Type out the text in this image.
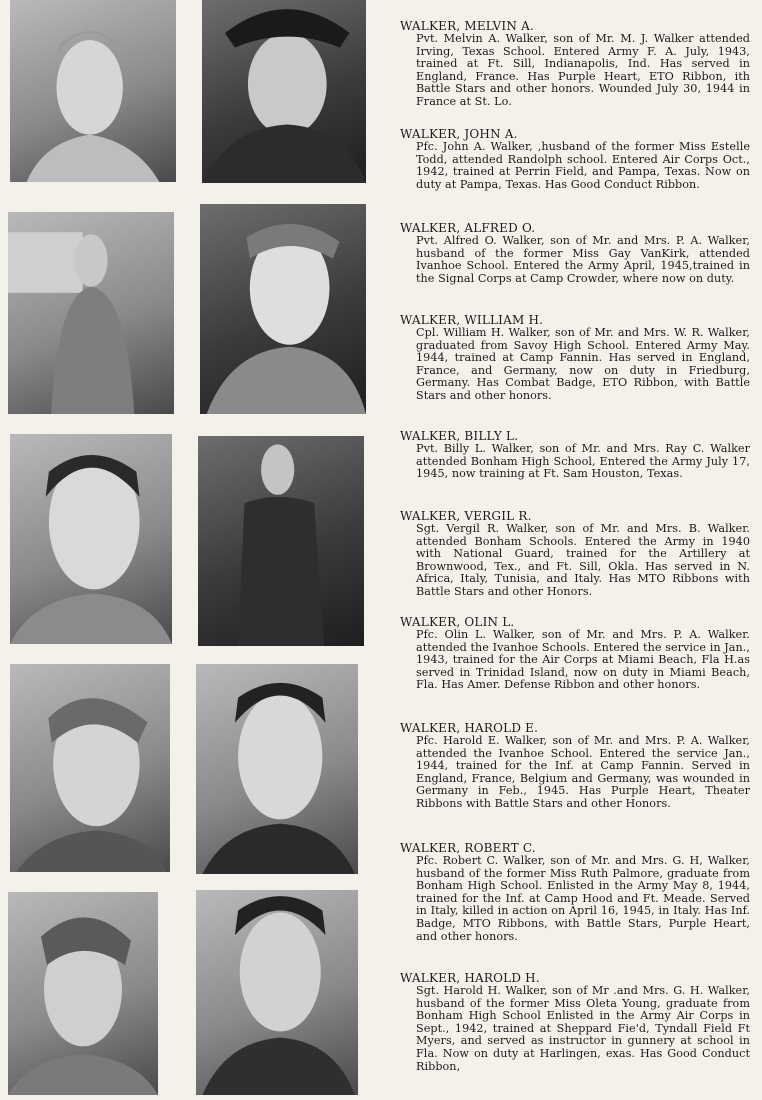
WALKER, MELVIN A.
Pvt. Melvin A. Walker, son of Mr. M. J. Walker attended Irving, Texas School. Entered Army F. A. July, 1943, trained at Ft. Sill, Indianapolis, Ind. Has served in England, France. Has Purple Heart, ETO Ribbon, ith Battle Stars and other honors. Wounded July 30, 1944 in France at St. Lo.
WALKER, JOHN A.
Pfc. John A. Walker, ,husband of the former Miss Estelle Todd, attended Randolph school. Entered Air Corps Oct., 1942, trained at Perrin Field, and Pampa, Texas. Now on duty at Pampa, Texas. Has Good Conduct Ribbon.
WALKER, ALFRED O.
Pvt. Alfred O. Walker, son of Mr. and Mrs. P. A. Walker, husband of the former Miss Gay VanKirk, attended Ivanhoe School. Entered the Army April, 1945,trained in the Signal Corps at Camp Crowder, where now on duty.
WALKER, WILLIAM H.
Cpl. William H. Walker, son of Mr. and Mrs. W. R. Walker, graduated from Savoy High School. Entered Army May. 1944, trained at Camp Fannin. Has served in England, France, and Germany, now on duty in Friedburg, Germany. Has Combat Badge, ETO Ribbon, with Battle Stars and other honors.
WALKER, BILLY L.
Pvt. Billy L. Walker, son of Mr. and Mrs. Ray C. Walker attended Bonham High School, Entered the Army July 17, 1945, now training at Ft. Sam Houston, Texas.
WALKER, VERGIL R.
Sgt. Vergil R. Walker, son of Mr. and Mrs. B. Walker. attended Bonham Schools. Entered the Army in 1940 with National Guard, trained for the Artillery at Brownwood, Tex., and Ft. Sill, Okla. Has served in N. Africa, Italy, Tunisia, and Italy. Has MTO Ribbons with Battle Stars and other Honors.
WALKER, OLIN L.
Pfc. Olin L. Walker, son of Mr. and Mrs. P. A. Walker. attended the Ivanhoe Schools. Entered the service in Jan., 1943, trained for the Air Corps at Miami Beach, Fla H.as served in Trinidad Island, now on duty in Miami Beach, Fla. Has Amer. Defense Ribbon and other honors.
WALKER, HAROLD E.
Pfc. Harold E. Walker, son of Mr. and Mrs. P. A. Walker, attended the Ivanhoe School. Entered the service Jan., 1944, trained for the Inf. at Camp Fannin. Served in England, France, Belgium and Germany, was wounded in Germany in Feb., 1945. Has Purple Heart, Theater Ribbons with Battle Stars and other Honors.
WALKER, ROBERT C.
Pfc. Robert C. Walker, son of Mr. and Mrs. G. H, Walker, husband of the former Miss Ruth Palmore, graduate from Bonham High School. Enlisted in the Army May 8, 1944, trained for the Inf. at Camp Hood and Ft. Meade. Served in Italy, killed in action on April 16, 1945, in Italy. Has Inf. Badge, MTO Ribbons, with Battle Stars, Purple Heart, and other honors.
WALKER, HAROLD H.
Sgt. Harold H. Walker, son of Mr .and Mrs. G. H. Walker, husband of the former Miss Oleta Young, graduate from Bonham High School Enlisted in the Army Air Corps in Sept., 1942, trained at Sheppard Fie'd, Tyndall Field Ft Myers, and served as instructor in gunnery at school in Fla. Now on duty at Harlingen, exas. Has Good Conduct Ribbon,
